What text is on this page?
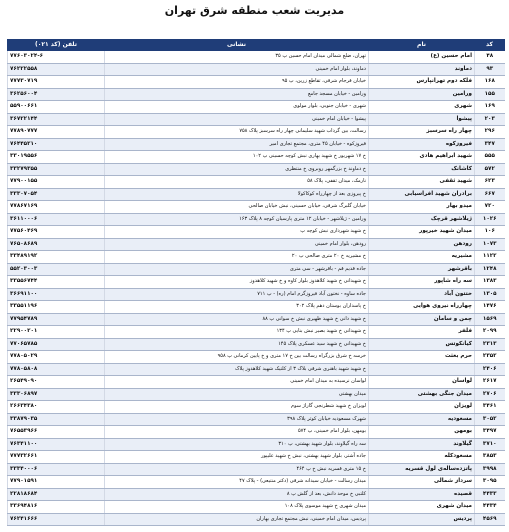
مدیریت شعب منطقه شرق تهران
کد	نام	نشانی	تلفن (کد ۰۲۱)
۴۸	امام حسین (ع)	تهران، ضلع شمالی میدان امام حسین پ ۳۵	۷۷۶۰۳۰۲۴-۶
۹۳	دماوند	دماوند، بلوار امام خمینی	۷۶۲۲۲۵۵۸
۱۶۸	فلکه دوم تهرانپارس	خیابان فرجام شرقی، تقاطع زرین، پ ۹۵	۷۷۷۳۰۷۱۹
۱۵۵	ورامین	ورامین - خیابان مسجد جامع	۳۶۲۵۶۰۰۴
۱۶۹	شهری	شهری - خیابان جنوبی، بلوار مولوی	۵۵۹۰۰۶۶۱
۲۰۳	پیشوا	پیشوا - خیابان امام خمینی	۳۶۷۲۲۱۴۴
۲۹۶	چهار راه سرسبز	رسالت، بین گرداب شهید سلیمانی چهار راه سرسبز پلاک ۷۵۸	۷۷۸۹۰۷۷۷
۳۴۷	فیروزکوه	فیروزکوه - خیابان ۴۵ متری، مجتمع تجاری امیر	۷۶۴۴۵۲۱۰
۵۵۵	شهید ابراهیم هادی	خ ۱۷ شهریور خ شهید بهاری نبش کوچه حسینی پ ۱۰۲	۳۳۰۱۹۵۵۶
۵۷۲	کاشانک	خ دماوند خ بزرگمهر روبروی خ منتظری	۳۳۲۷۹۳۵۵
۶۲۳	شهید ثقفی	نارمک، میدان ثقفی، پلاک ۵۸	۷۷۹۰۰۱۵۵
۶۶۷	برادران شهید افراسیابی	خ پیروزی بعد از چهارراه کوکاکولا	۳۳۳۰۷۰۵۴
۷۲۰	میدو بهار	خیابان گلبرگ شرقی، خیابان حسینی، نبش خیابان صالحی	۷۷۸۶۷۱۶۹
۱۰۲۶	ژیلاشهر قرچک	ورامین - ژیلاشهر - خیابان ۱۲ متری پارسیان کوچه ۸ پلاک ۱۶۳	۳۶۱۱۰۰۰۶
۱۰۶	میدان شهید خیرپور	خ شهید شهرداری نبش کوچه پ	۷۷۵۶۰۴۶۹
۱۰۷۳	رودهن	رودهن، بلوار امام خمینی	۷۶۵۰۸۶۸۹
۱۱۲۲	مشیریه	خ مشیریه خ ۲۰ متری صالحی پ ۲۰	۳۳۴۸۹۱۹۲
۱۲۴۸	باقرشهر	جاده قدیم قم - باقرشهر - سی متری	۵۵۲۰۳۰۰۳
۱۳۸۳	سه راه شاپور	خ شهیدانی خ شهید کلاهدوز بلوار کاوه و خ شهید کلاهدوز	۳۳۵۵۶۷۴۴
۱۳۰۵	ختتون آباد	جاده ساوه - نختون آباد فیروزگرم امام (ره) - پ ۷۱۱	۳۶۶۹۱۱۰۰
۱۴۷۶	چهارراه نیروی هوایی	خ پاسداران بوستان دهم پلاک ۳۰۲	۳۳۵۵۱۱۹۶
۱۵۶۹	چمن و سامان	خ شهید دانی خ شهید ظهیری نبش خ سوانی پ ۸۸	۷۷۹۵۴۷۸۹
۲۰۹۹	فلفر	خ شهیدانی خ شهید بصیر نبش بنایی پ ۱۳۴	۲۲۹۰۰۲۰۱
۲۳۱۳	کیانکوتس	خ شهیدانی خ شهید سید عسکری پلاک ۱۴۵	۷۷۰۶۵۷۸۵
۲۳۵۲	حرم بعثت	خرسه خ شرق بزرگراه رسالت بین خ ۱۷ متری و خ پایین کرمانی پ ۹۵۸	۷۷۸۰۵۰۲۹
۲۴۰۶		خ شهید شهید باهنری شرقی بلاک ۳ از کلتیک شهید کلاهدوز پلاک	۷۷۸۰۵۸۰۸
۲۶۱۷	لواسان	لواسان نرسیده به میدان امام خمینی	۲۶۵۴۹۰۹۰
۲۷۰۶	میدان جنگی بهشتی	میدان بهشتی	۳۳۳۰۶۸۹۷
۳۴۶۱	لویزان	لویزان خ شهید شطرنجی گاراژ سوم	۲۶۶۳۴۳۸۰
۳۰۵۲	مسعودیه	شهرک مسعودیه خیابان کوثر پلاک ۳۹۸	۳۳۸۷۹۰۳۵
۳۴۹۷	بومهن	بومهن، بلوار امام خمینی، پ ۵۷۴	۷۶۵۵۳۹۶۶
۳۷۱۰	گیلاوند	سه راه گیلاوند، بلوار شهید بهشتی، پ ۳۱۰	۷۶۳۴۱۱۰۰
۳۸۵۳	مسعودکله	جاده آشتر، بلوار شهید بهشتی، نبش خ شهید علیپور	۷۷۷۳۲۶۶۱
۳۹۹۸	پاتزده‌ساله‌ی لول قسریه	خ ۱۵ متری قسریه نبش خ پ ۴۶۴	۳۳۳۴۰۰۰۶
۳۰۹۵	سرداز شمالی	میدان رسالت - خیابان سیدانه شرقی (دکتر منتیعی) - پلاک ۴۷	۷۷۹۰۱۵۹۱
۴۴۳۳	قصیده	کلتبی خ موحد دانش، بعد از گلش پ ۸	۲۲۸۱۸۶۸۴
۴۴۳۴	میدان شهری	میدان شهری خ شهید موسوی پلاک ۱۰۸	۳۳۶۹۴۸۱۶
۴۵۶۹	پردیس	پردیس، میدان امام خمینی، نبش مجتمع تجاری بهاران	۷۶۲۴۱۶۶۶
